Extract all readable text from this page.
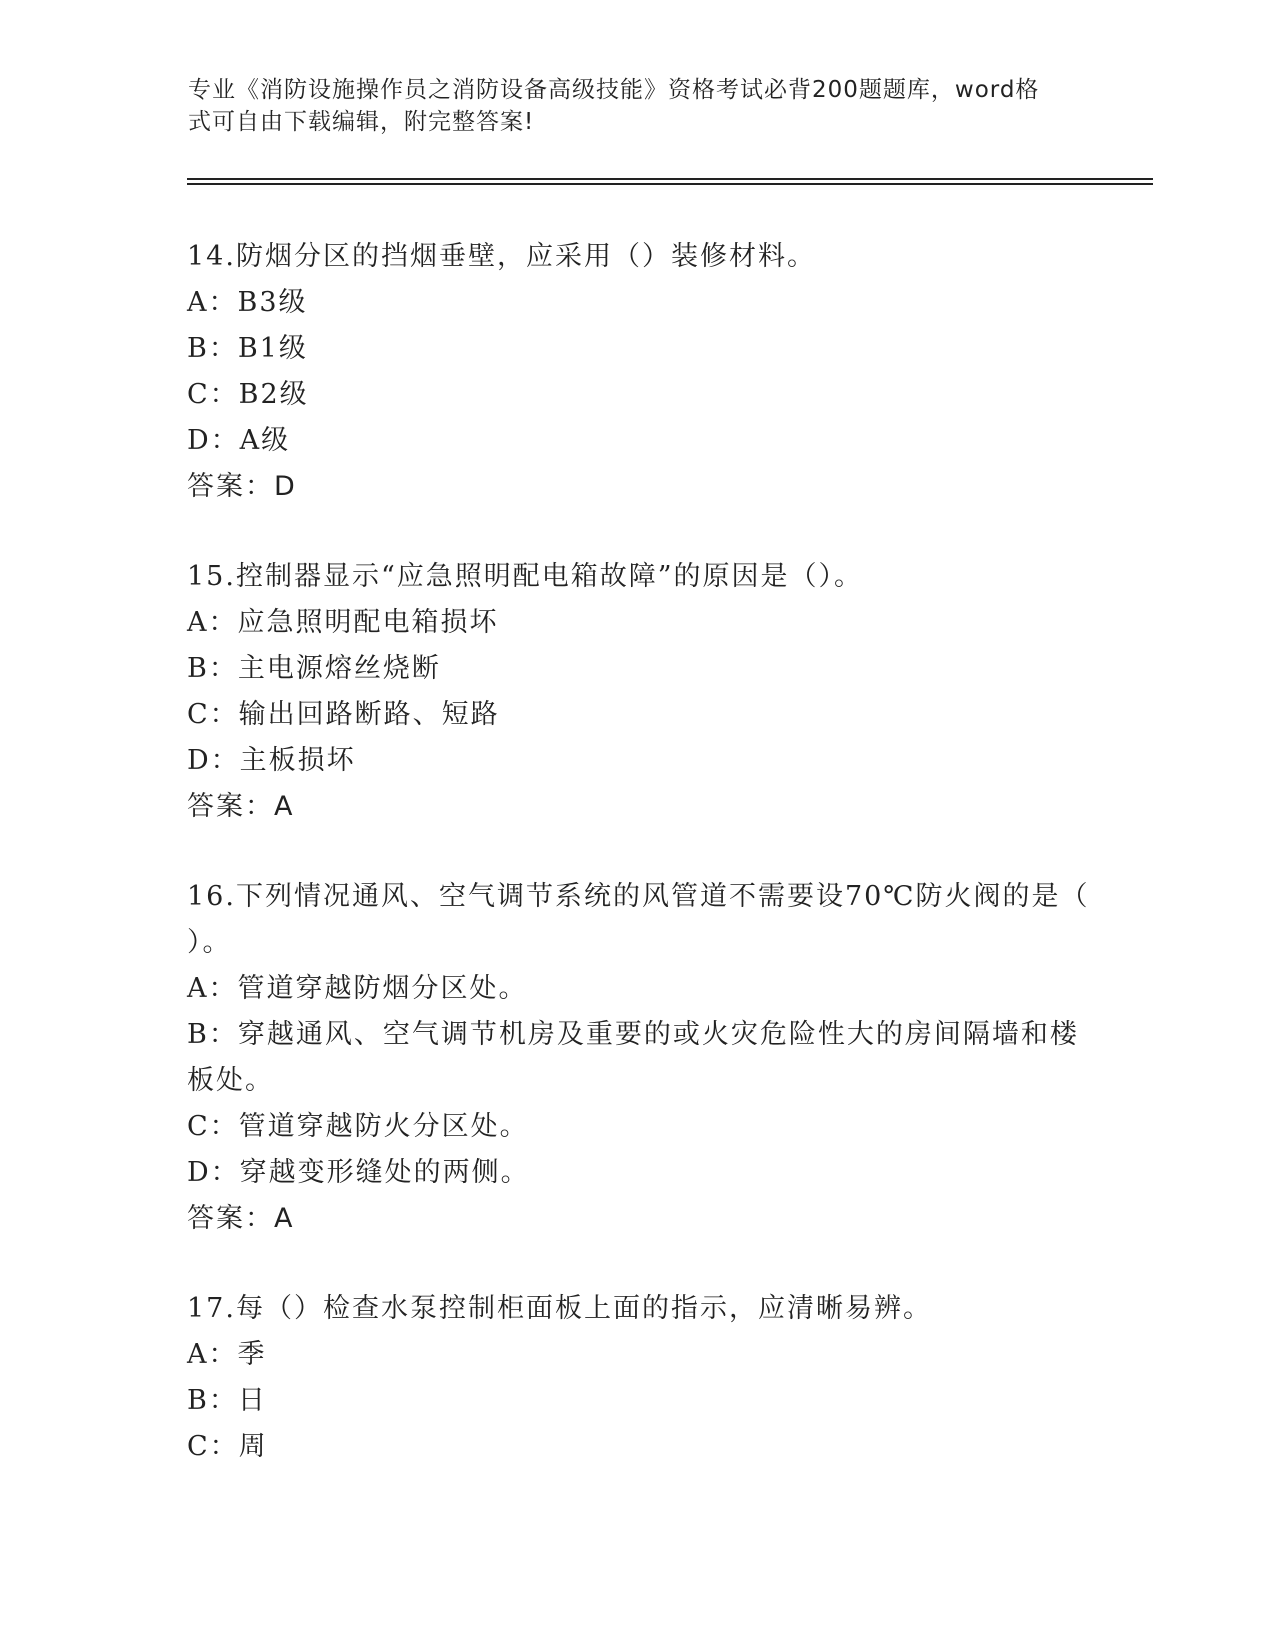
专业《消防设施操作员之消防设备高级技能》资格考试必背200题题库，word格
式可自由下载编辑，附完整答案!
14.防烟分区的挡烟垂壁，应采用（）装修材料。
A：B3级
B：B1级
C：B2级
D：A级
答案：D
15.控制器显示“应急照明配电箱故障”的原因是（）。
A：应急照明配电箱损坏
B：主电源熔丝烧断
C：输出回路断路、短路
D：主板损坏
答案：A
16.下列情况通风、空气调节系统的风管道不需要设70℃防火阀的是（
）。
A：管道穿越防烟分区处。
B：穿越通风、空气调节机房及重要的或火灾危险性大的房间隔墙和楼
板处。
C：管道穿越防火分区处。
D：穿越变形缝处的两侧。
答案：A
17.每（）检查水泵控制柜面板上面的指示，应清晰易辨。
A：季
B：日
C：周
